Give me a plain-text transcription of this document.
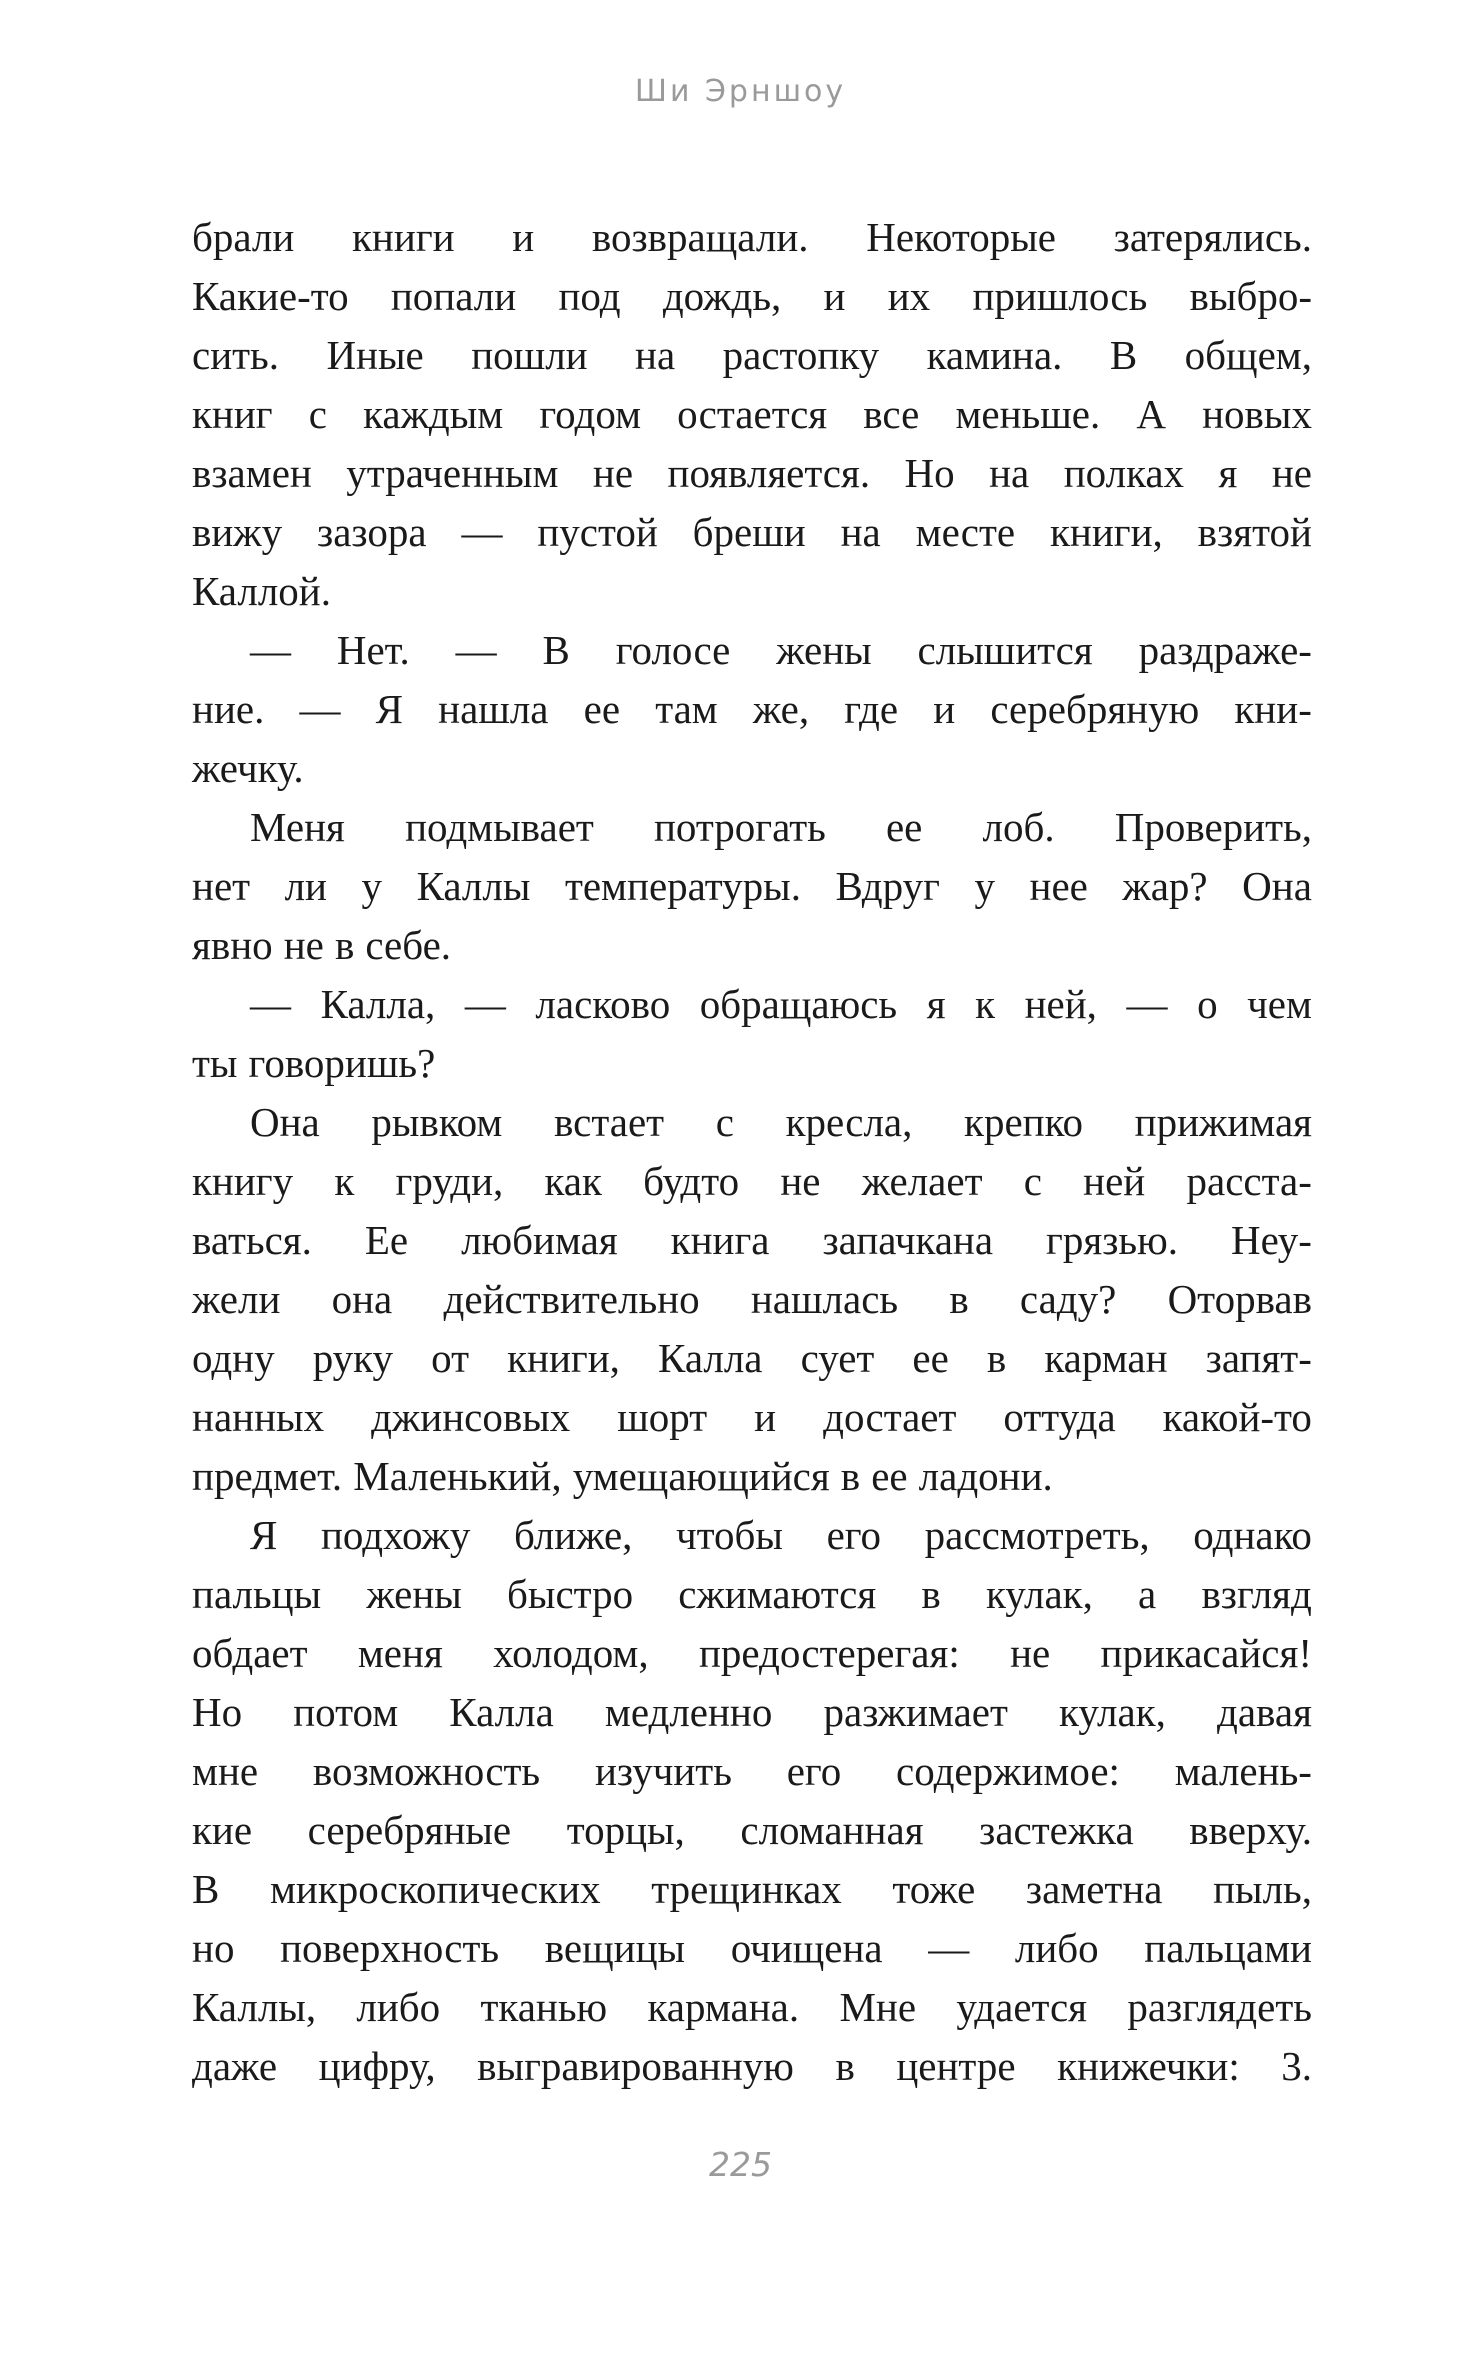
Ши Эрншоу
брали книги и возвращали. Некоторые затерялись.
Какие-то попали под дождь, и их пришлось выбро-
сить. Иные пошли на растопку камина. В общем,
книг с каждым годом остается все меньше. А новых
взамен утраченным не появляется. Но на полках я не
вижу зазора — пустой бреши на месте книги, взятой
Каллой.
— Нет. — В голосе жены слышится раздраже-
ние. — Я нашла ее там же, где и серебряную кни-
жечку.
Меня подмывает потрогать ее лоб. Проверить,
нет ли у Каллы температуры. Вдруг у нее жар? Она
явно не в себе.
— Калла, — ласково обращаюсь я к ней, — о чем
ты говоришь?
Она рывком встает с кресла, крепко прижимая
книгу к груди, как будто не желает с ней расста-
ваться. Ее любимая книга запачкана грязью. Неу-
жели она действительно нашлась в саду? Оторвав
одну руку от книги, Калла сует ее в карман запят-
нанных джинсовых шорт и достает оттуда какой-то
предмет. Маленький, умещающийся в ее ладони.
Я подхожу ближе, чтобы его рассмотреть, однако
пальцы жены быстро сжимаются в кулак, а взгляд
обдает меня холодом, предостерегая: не прикасайся!
Но потом Калла медленно разжимает кулак, давая
мне возможность изучить его содержимое: малень-
кие серебряные торцы, сломанная застежка вверху.
В микроскопических трещинках тоже заметна пыль,
но поверхность вещицы очищена — либо пальцами
Каллы, либо тканью кармана. Мне удается разглядеть
даже цифру, выгравированную в центре книжечки: 3.
225
